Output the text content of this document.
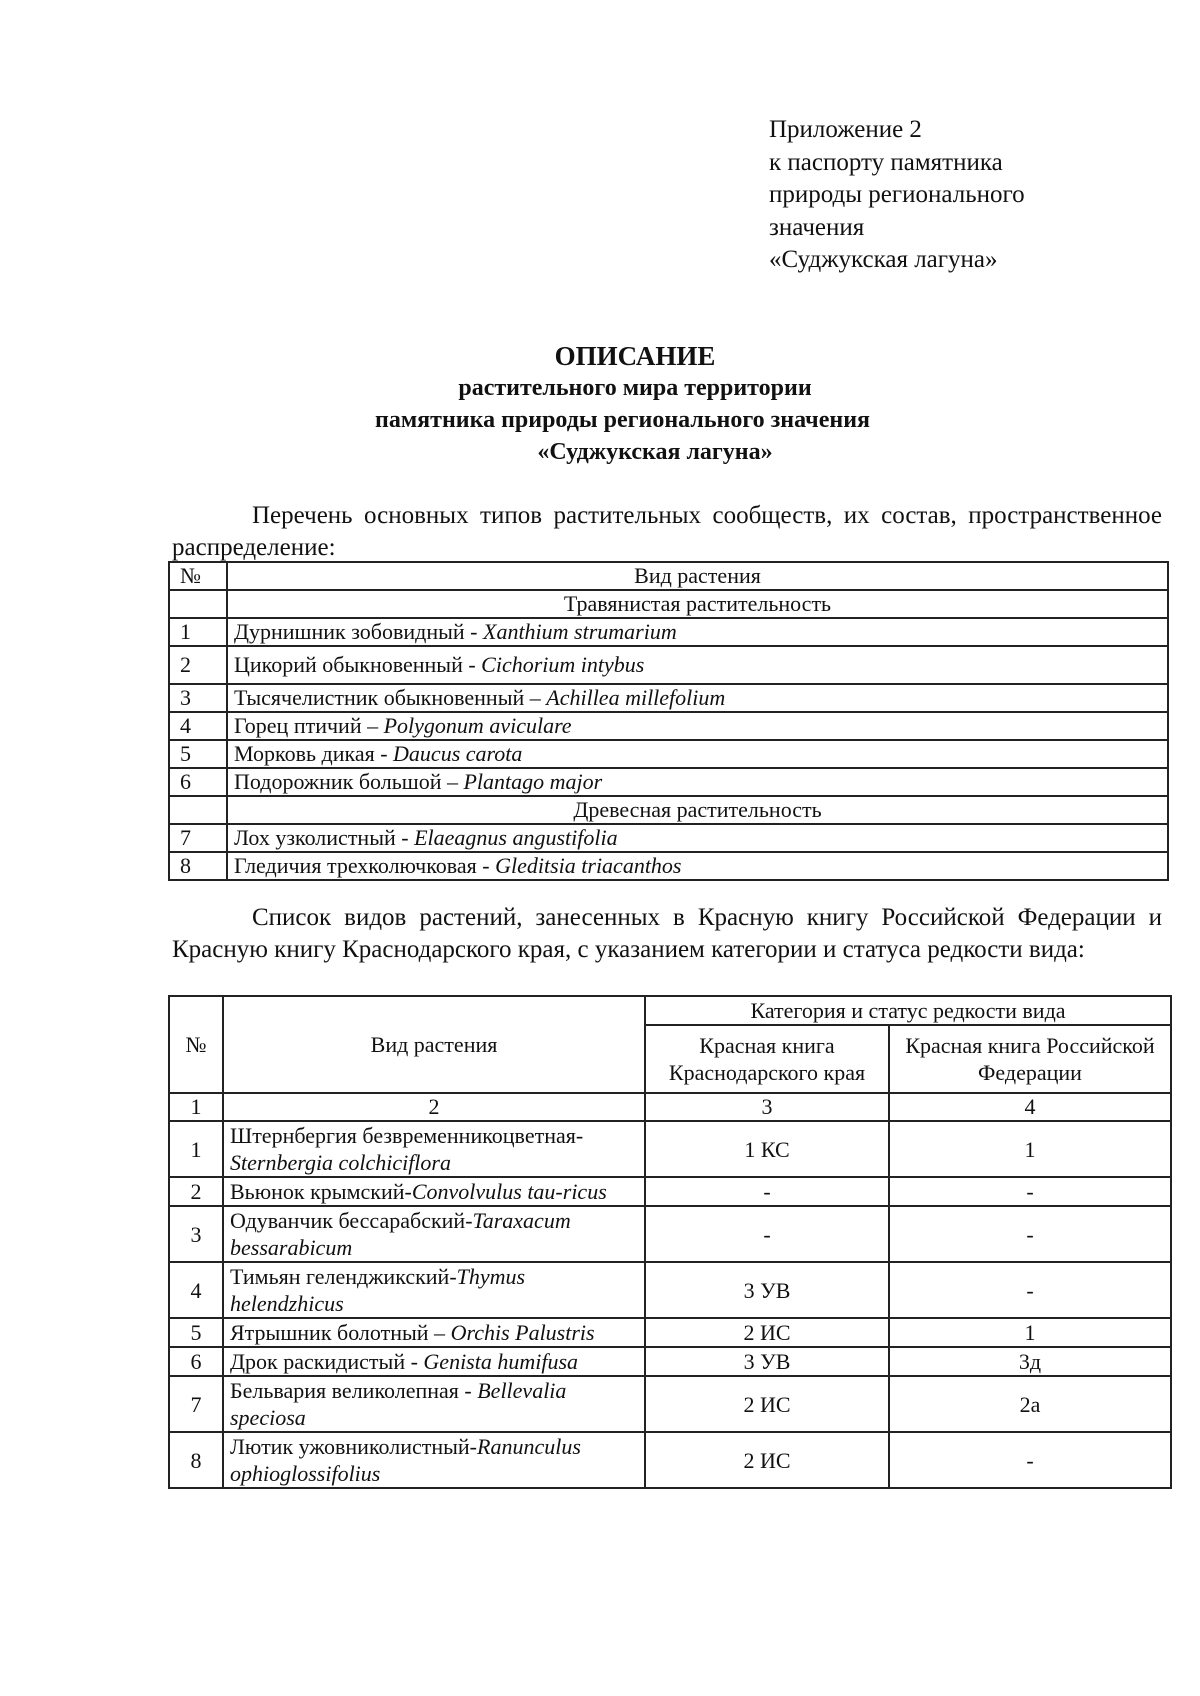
Приложение 2
к паспорту памятника
природы регионального
значения
«Суджукская лагуна»
ОПИСАНИЕ
растительного мира территории
памятника природы регионального значения
«Суджукская лагуна»
Перечень основных типов растительных сообществ, их состав, пространственное распределение:
№	Вид растения
	Травянистая растительность
1	Дурнишник зобовидный - Xanthium strumarium
2	Цикорий обыкновенный - Cichorium intybus
3	Тысячелистник обыкновенный – Achillea millefolium
4	Горец птичий – Polygonum aviculare
5	Морковь дикая - Daucus carota
6	Подорожник большой – Plantago major
	Древесная растительность
7	Лох узколистный - Elaeagnus angustifolia
8	Гледичия трехколючковая - Gleditsia triacanthos
Список видов растений, занесенных в Красную книгу Российской Федерации и Красную книгу Краснодарского края, с указанием категории и статуса редкости вида:
№	Вид растения	Категория и статус редкости вида	
		Красная книга Краснодарского края	Красная книга Российской Федерации
1	2	3	4
1	Штернбергия безвременникоцветная-Sternbergia colchiciflora	1 КС	1
2	Вьюнок крымский-Convolvulus tau-ricus	-	-
3	Одуванчик бессарабский-Taraxacum bessarabicum	-	-
4	Тимьян геленджикский-Thymus helendzhicus	3 УВ	-
5	Ятрышник болотный – Orchis Palustris	2 ИС	1
6	Дрок раскидистый - Genista humifusa	3 УВ	3д
7	Бельвария великолепная - Bellevalia speciosa	2 ИС	2а
8	Лютик ужовниколистный-Ranunculus ophioglossifolius	2 ИС	-
